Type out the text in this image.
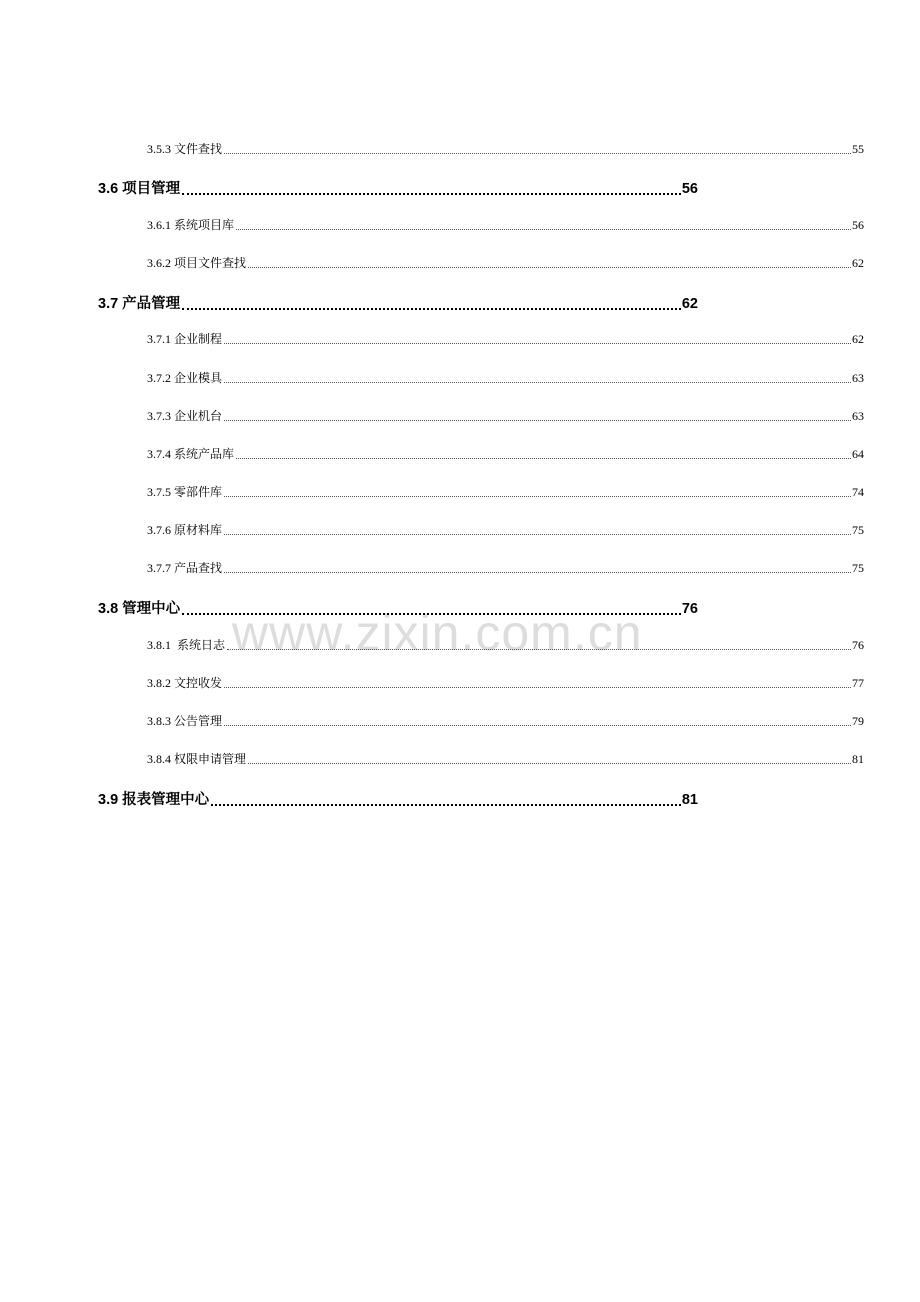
www.zixin.com.cn
3.5.3 文件查找	55
3.6 项目管理	56
3.6.1 系统项目库	56
3.6.2 项目文件查找	62
3.7 产品管理	62
3.7.1 企业制程	62
3.7.2 企业模具	63
3.7.3 企业机台	63
3.7.4 系统产品库	64
3.7.5 零部件库	74
3.7.6 原材料库	75
3.7.7 产品查找	75
3.8 管理中心	76
3.8.1  系统日志	76
3.8.2 文控收发	77
3.8.3 公告管理	79
3.8.4 权限申请管理	81
3.9 报表管理中心	81
